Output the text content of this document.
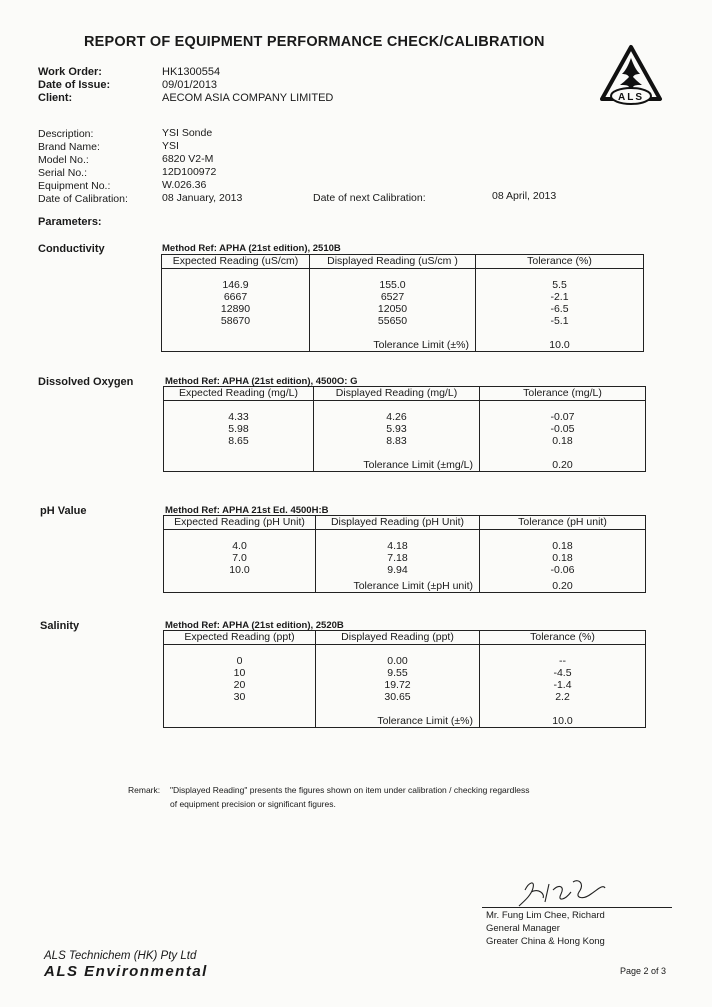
REPORT OF EQUIPMENT PERFORMANCE CHECK/CALIBRATION
ALS
Work Order:	HK1300554
Date of Issue:	09/01/2013
Client:	AECOM ASIA COMPANY LIMITED
Description:	YSI Sonde
Brand Name:	YSI
Model No.:	6820 V2-M
Serial No.:	12D100972
Equipment No.:	W.026.36
Date of Calibration:	08 January, 2013	Date of next Calibration:	08 April, 2013
Parameters:
Conductivity	Method Ref: APHA (21st edition), 2510B
Expected Reading (uS/cm)	Displayed Reading (uS/cm )	Tolerance (%)

146.9	155.0	5.5
6667	6527	-2.1
12890	12050	-6.5
58670	55650	-5.1

	Tolerance Limit (±%)	10.0
Dissolved Oxygen	Method Ref: APHA (21st edition), 4500O: G
Expected Reading (mg/L)	Displayed Reading (mg/L)	Tolerance (mg/L)

4.33	4.26	-0.07
5.98	5.93	-0.05
8.65	8.83	0.18

	Tolerance Limit (±mg/L)	0.20
pH Value	Method Ref: APHA 21st Ed. 4500H:B
Expected Reading (pH Unit)	Displayed Reading (pH Unit)	Tolerance (pH unit)

4.0	4.18	0.18
7.0	7.18	0.18
10.0	9.94	-0.06

	Tolerance Limit (±pH unit)	0.20
Salinity	Method Ref: APHA (21st edition), 2520B
Expected Reading (ppt)	Displayed Reading (ppt)	Tolerance (%)

0	0.00	--
10	9.55	-4.5
20	19.72	-1.4
30	30.65	2.2

	Tolerance Limit (±%)	10.0
Remark: "Displayed Reading" presents the figures shown on item under calibration / checking regardless
of equipment precision or significant figures.
Mr. Fung Lim Chee, Richard
General Manager
Greater China & Hong Kong
ALS Technichem (HK) Pty Ltd
ALS Environmental	Page 2 of 3
